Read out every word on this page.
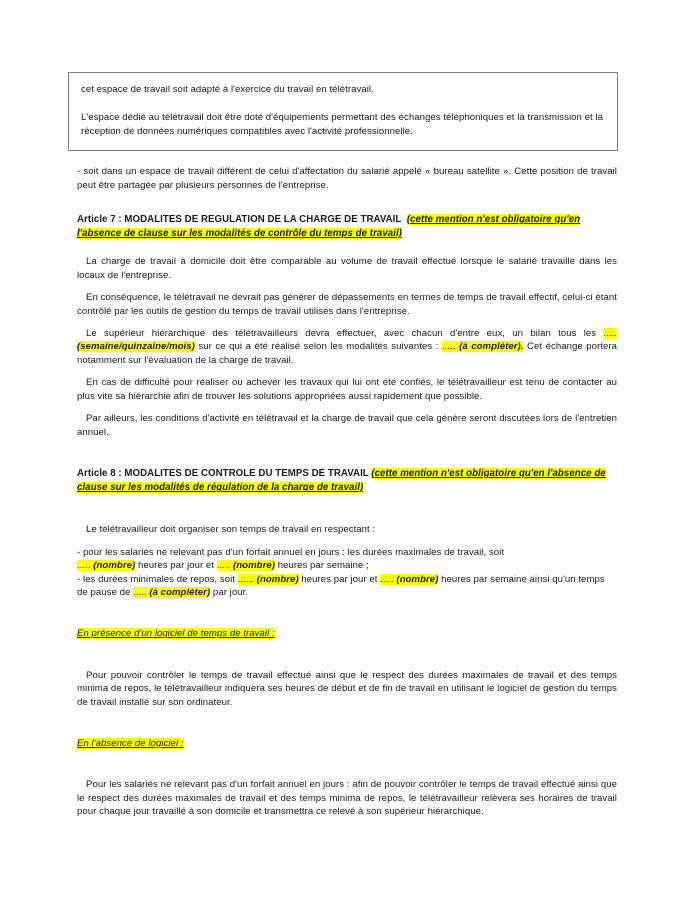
cet espace de travail soit adapté à l'exercice du travail en télétravail.

L'espace dédié au télétravail doit être doté d'équipements permettant des échanges téléphoniques et la transmission et la réception de données numériques compatibles avec l'activité professionnelle.

- soit dans un espace de travail différent de celui d'affectation du salarié appelé « bureau satellite ». Cette position de travail peut être partagée par plusieurs personnes de l'entreprise.

Article 7 : MODALITES DE REGULATION DE LA CHARGE DE TRAVAIL (cette mention n'est obligatoire qu'en l'absence de clause sur les modalités de contrôle du temps de travail)

La charge de travail à domicile doit être comparable au volume de travail effectué lorsque le salarié travaille dans les locaux de l'entreprise.

En conséquence, le télétravail ne devrait pas générer de dépassements en termes de temps de travail effectif, celui-ci étant contrôlé par les outils de gestion du temps de travail utilisés dans l'entreprise.

Le supérieur hiérarchique des télétravailleurs devra effectuer, avec chacun d'entre eux, un bilan tous les ..... (semaine/quinzaine/mois) sur ce qui a été réalisé selon les modalités suivantes : ..... (à compléter). Cet échange portera notamment sur l'évaluation de la charge de travail.

En cas de difficulté pour réaliser ou achever les travaux qui lui ont été confiés, le télétravailleur est tenu de contacter au plus vite sa hiérarchie afin de trouver les solutions appropriées aussi rapidement que possible.

Par ailleurs, les conditions d'activité en télétravail et la charge de travail que cela génère seront discutées lors de l'entretien annuel.

Article 8 : MODALITES DE CONTROLE DU TEMPS DE TRAVAIL (cette mention n'est obligatoire qu'en l'absence de clause sur les modalités de régulation de la charge de travail)

Le télétravailleur doit organiser son temps de travail en respectant :

- pour les salariés ne relevant pas d'un forfait annuel en jours : les durées maximales de travail, soit
..... (nombre) heures par jour et ..... (nombre) heures par semaine ;

- les durées minimales de repos, soit ...... (nombre) heures par jour et ..... (nombre) heures par semaine ainsi qu'un temps de pause de ..... (à compléter) par jour.

En présence d'un logiciel de temps de travail :

Pour pouvoir contrôler le temps de travail effectué ainsi que le respect des durées maximales de travail et des temps minima de repos, le télétravailleur indiquera ses heures de début et de fin de travail en utilisant le logiciel de gestion du temps de travail installé sur son ordinateur.

En l'absence de logiciel :

Pour les salariés ne relevant pas d'un forfait annuel en jours : afin de pouvoir contrôler le temps de travail effectué ainsi que le respect des durées maximales de travail et des temps minima de repos, le télétravailleur relèvera ses horaires de travail pour chaque jour travaillé à son domicile et transmettra ce relevé à son supérieur hiérarchique.
